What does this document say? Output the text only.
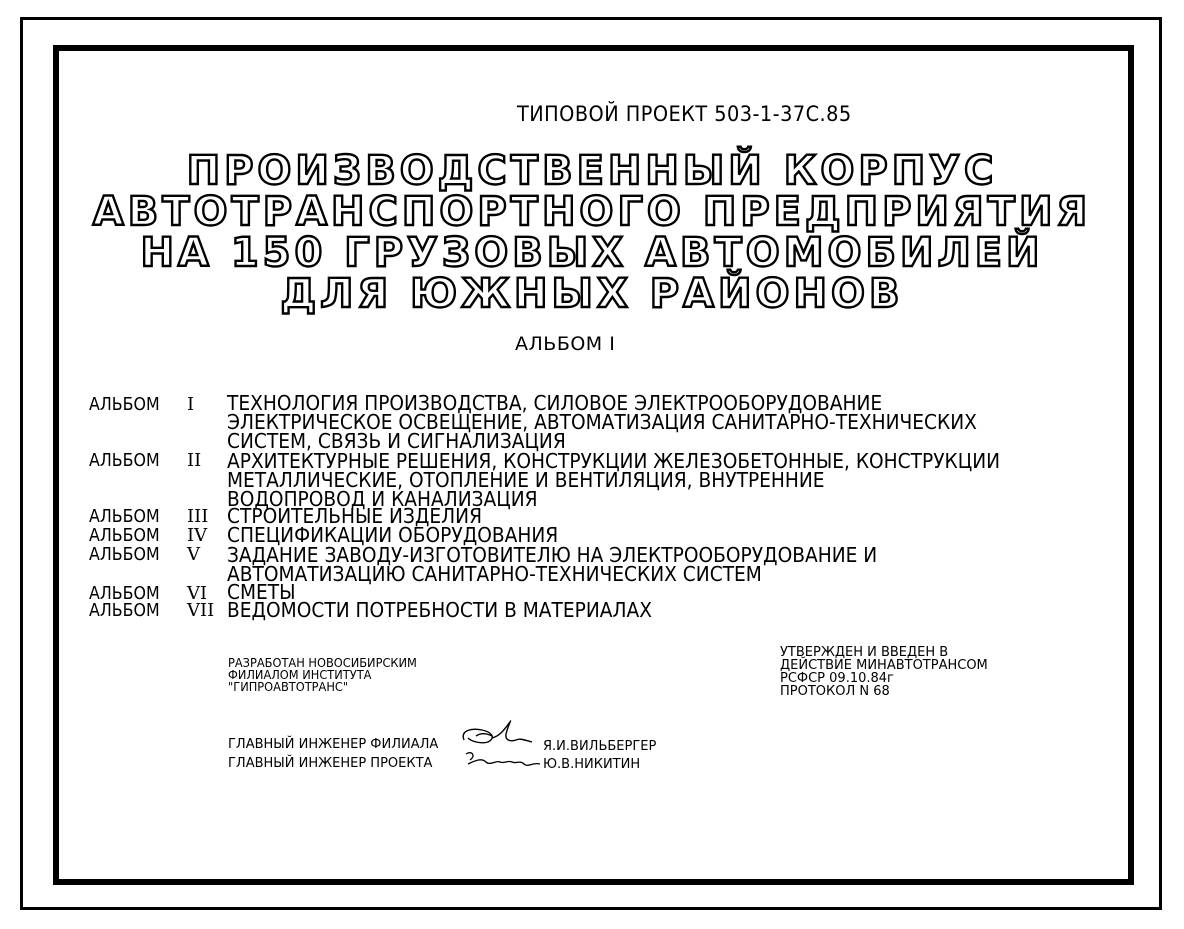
ТИПОВОЙ ПРОЕКТ 503-1-37С.85
ПРОИЗВОДСТВЕННЫЙ КОРПУС
АВТОТРАНСПОРТНОГО ПРЕДПРИЯТИЯ
НА 150 ГРУЗОВЫХ АВТОМОБИЛЕЙ
ДЛЯ ЮЖНЫХ РАЙОНОВ
АЛЬБОМ I
АЛЬБОМ I ТЕХНОЛОГИЯ ПРОИЗВОДСТВА, СИЛОВОЕ ЭЛЕКТРООБОРУДОВАНИЕ
ЭЛЕКТРИЧЕСКОЕ ОСВЕЩЕНИЕ, АВТОМАТИЗАЦИЯ САНИТАРНО-ТЕХНИЧЕСКИХ
СИСТЕМ, СВЯЗЬ И СИГНАЛИЗАЦИЯ
АЛЬБОМ II АРХИТЕКТУРНЫЕ РЕШЕНИЯ, КОНСТРУКЦИИ ЖЕЛЕЗОБЕТОННЫЕ, КОНСТРУКЦИИ
МЕТАЛЛИЧЕСКИЕ, ОТОПЛЕНИЕ И ВЕНТИЛЯЦИЯ, ВНУТРЕННИЕ
ВОДОПРОВОД И КАНАЛИЗАЦИЯ
АЛЬБОМ III СТРОИТЕЛЬНЫЕ ИЗДЕЛИЯ
АЛЬБОМ IV СПЕЦИФИКАЦИИ ОБОРУДОВАНИЯ
АЛЬБОМ V ЗАДАНИЕ ЗАВОДУ-ИЗГОТОВИТЕЛЮ НА ЭЛЕКТРООБОРУДОВАНИЕ И
АВТОМАТИЗАЦИЮ САНИТАРНО-ТЕХНИЧЕСКИХ СИСТЕМ
АЛЬБОМ VI СМЕТЫ
АЛЬБОМ VII ВЕДОМОСТИ ПОТРЕБНОСТИ В МАТЕРИАЛАХ
РАЗРАБОТАН НОВОСИБИРСКИМ
ФИЛИАЛОМ ИНСТИТУТА
"ГИПРОАВТОТРАНС"
УТВЕРЖДЕН И ВВЕДЕН В
ДЕЙСТВИЕ МИНАВТОТРАНСОМ
РСФСР 09.10.84г
ПРОТОКОЛ N 68
ГЛАВНЫЙ ИНЖЕНЕР ФИЛИАЛА
ГЛАВНЫЙ ИНЖЕНЕР ПРОЕКТА
Я.И.ВИЛЬБЕРГЕР
Ю.В.НИКИТИН
